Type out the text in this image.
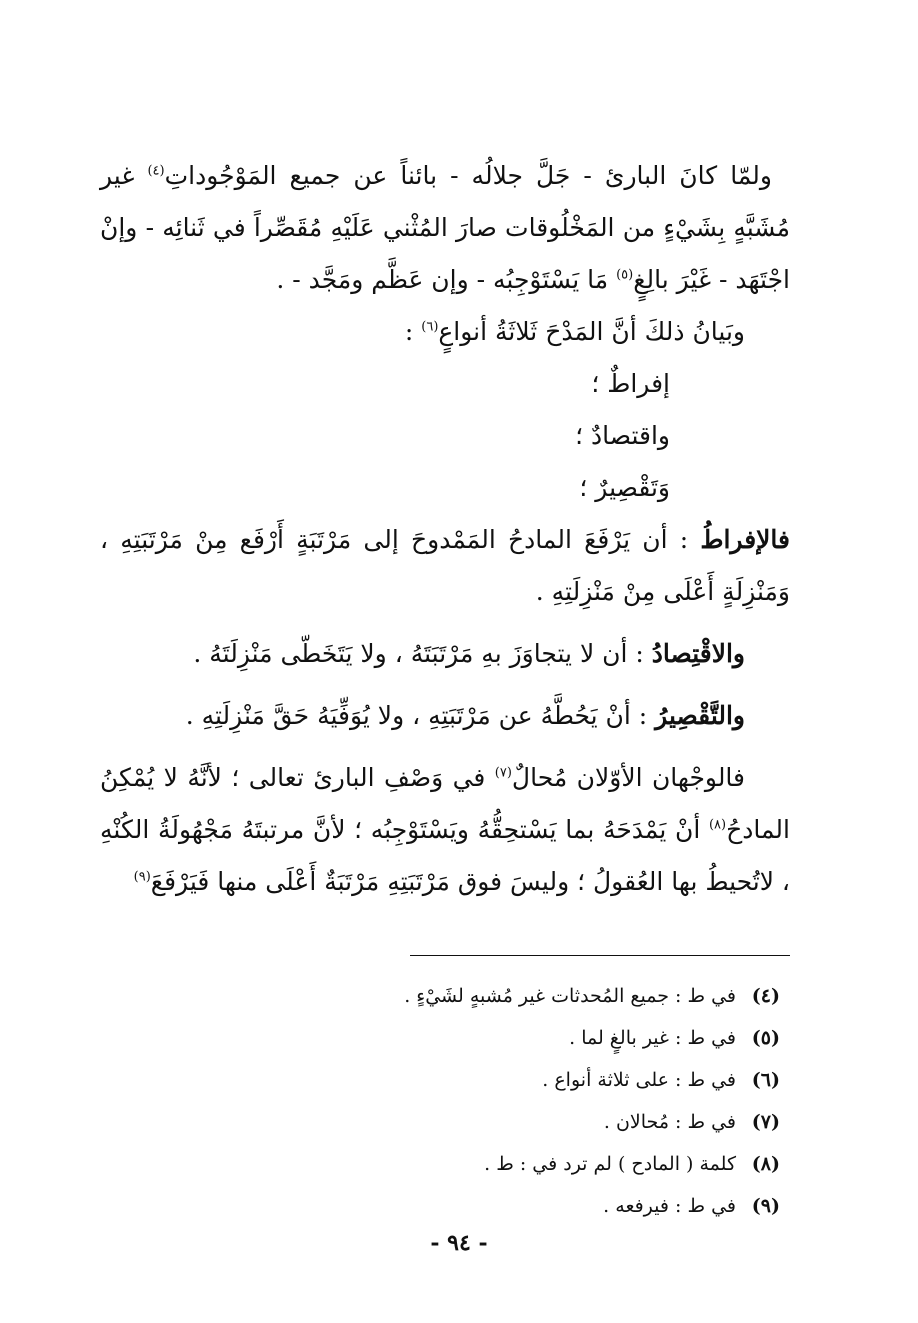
ولمّا كانَ البارئ - جَلَّ جلالُه - بائناً عن جميع المَوْجُوداتِ$^{(٤)}$ غير مُشَبَّهٍ بِشَيْءٍ من المَخْلُوقات صارَ المُثْني عَلَيْهِ مُقَصِّراً في ثَنائِه - وإنْ اجْتَهَد - غَيْرَ بالِغٍ$^{(٥)}$ مَا يَسْتَوْجِبُه - وإن عَظَّم ومَجَّد - .

وبَيانُ ذلكَ أنَّ المَدْحَ ثَلاثَةُ أنواعٍ$^{(٦)}$ :

إفراطٌ ؛

واقتصادٌ ؛

وَتَقْصِيرٌ ؛

فالإفراطُ : أن يَرْفَعَ المادحُ المَمْدوحَ إلى مَرْتَبَةٍ أَرْفَع مِنْ مَرْتَبَتِهِ ، وَمَنْزِلَةٍ أَعْلَى مِنْ مَنْزِلَتِهِ .

والاقْتِصادُ : أن لا يتجاوَزَ بهِ مَرْتَبَتَهُ ، ولا يَتَخَطّى مَنْزِلَتَهُ .

والتَّقْصِيرُ : أنْ يَحُطَّهُ عن مَرْتَبَتِهِ ، ولا يُوَفِّيَهُ حَقَّ مَنْزِلَتِهِ .

فالوجْهان الأوّلان مُحالٌ$^{(٧)}$ في وَصْفِ البارئ تعالى ؛ لأنَّهُ لا يُمْكِنُ المادحُ$^{(٨)}$ أنْ يَمْدَحَهُ بما يَسْتحِقُّهُ ويَسْتَوْجِبُه ؛ لأنَّ مرتبتَهُ مَجْهُولَةُ الكُنْهِ ، لاتُحيطُ بها العُقولُ ؛ وليسَ فوق مَرْتَبَتِهِ مَرْتَبَةٌ أَعْلَى منها فَيَرْفَعَ$^{(٩)}$

(٤)
في ط : جميع المُحدثات غير مُشبهٍ لشَيْءٍ .
(٥)
في ط : غير بالغٍ لما .
(٦)
في ط : على ثلاثة أنواع .
(٧)
في ط : مُحالان .
(٨)
كلمة ( المادح ) لم ترد في : ط .
(٩)
في ط : فيرفعه .
- ٩٤ -
